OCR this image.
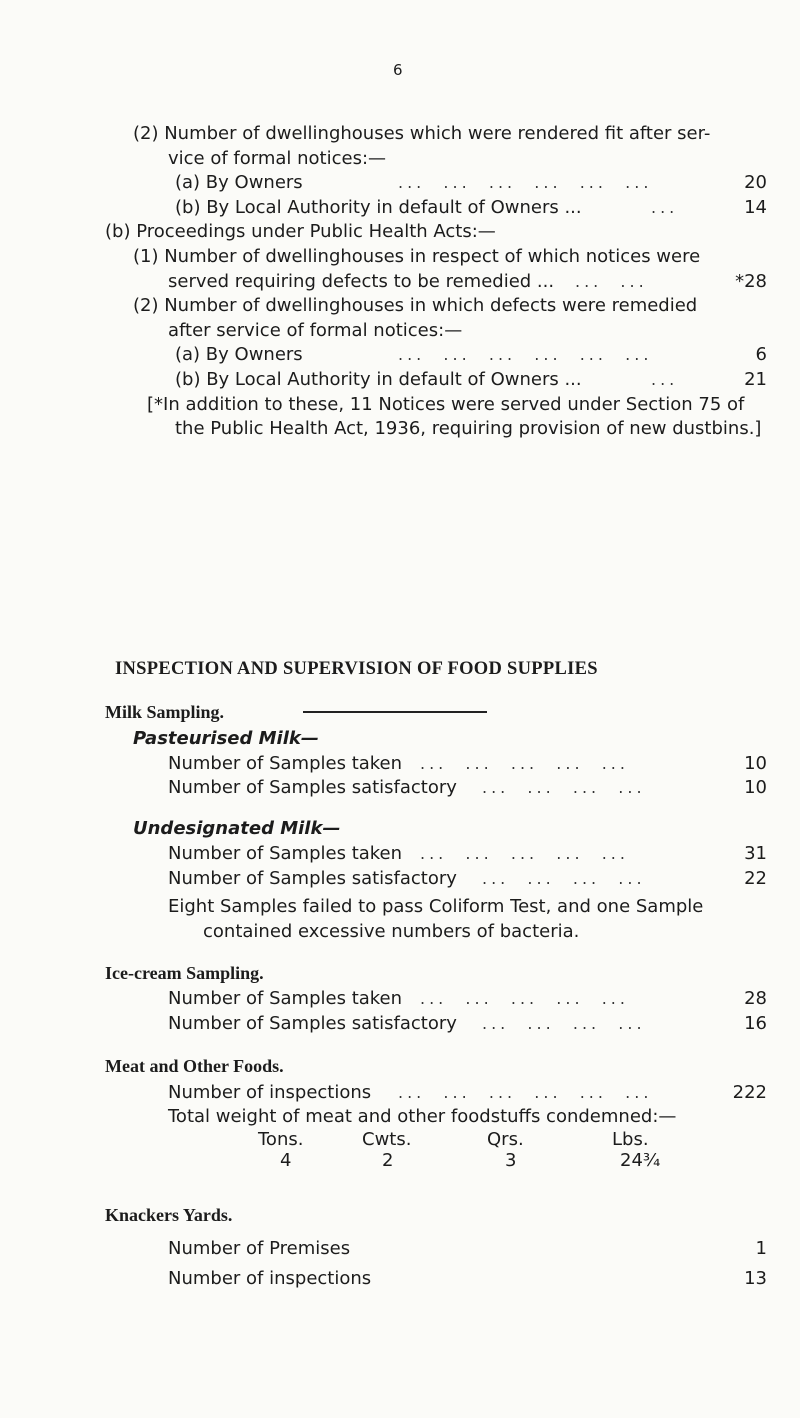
6
(2) Number of dwellinghouses which were rendered fit after ser-
vice of formal notices:—
(a) By Owners	...  ...  ...  ...  ...  ...	20
(b) By Local Authority in default of Owners ...	...	14
(b) Proceedings under Public Health Acts:—
(1) Number of dwellinghouses in respect of which notices were
served requiring defects to be remedied ... ...  ...	*28
(2) Number of dwellinghouses in which defects were remedied
after service of formal notices:—
(a) By Owners	...  ...  ...  ...  ...  ...	6
(b) By Local Authority in default of Owners ...	...	21
[*In addition to these, 11 Notices were served under Section 75 of
the Public Health Act, 1936, requiring provision of new dustbins.]
INSPECTION AND SUPERVISION OF FOOD SUPPLIES
Milk Sampling.
Pasteurised Milk—
Number of Samples taken ...  ...  ...  ...  ...	10
Number of Samples satisfactory ...  ...  ...  ...	10
Undesignated Milk—
Number of Samples taken ...  ...  ...  ...  ...	31
Number of Samples satisfactory ...  ...  ...  ...	22
Eight Samples failed to pass Coliform Test, and one Sample
contained excessive numbers of bacteria.
Ice-cream Sampling.
Number of Samples taken ...  ...  ...  ...  ...	28
Number of Samples satisfactory ...  ...  ...  ...	16
Meat and Other Foods.
Number of inspections ...  ...  ...  ...  ...  ...	222
Total weight of meat and other foodstuffs condemned:—
Tons.	Cwts.	Qrs.	Lbs.
4	2	3	24¾
Knackers Yards.
Number of Premises	1
Number of inspections	13
